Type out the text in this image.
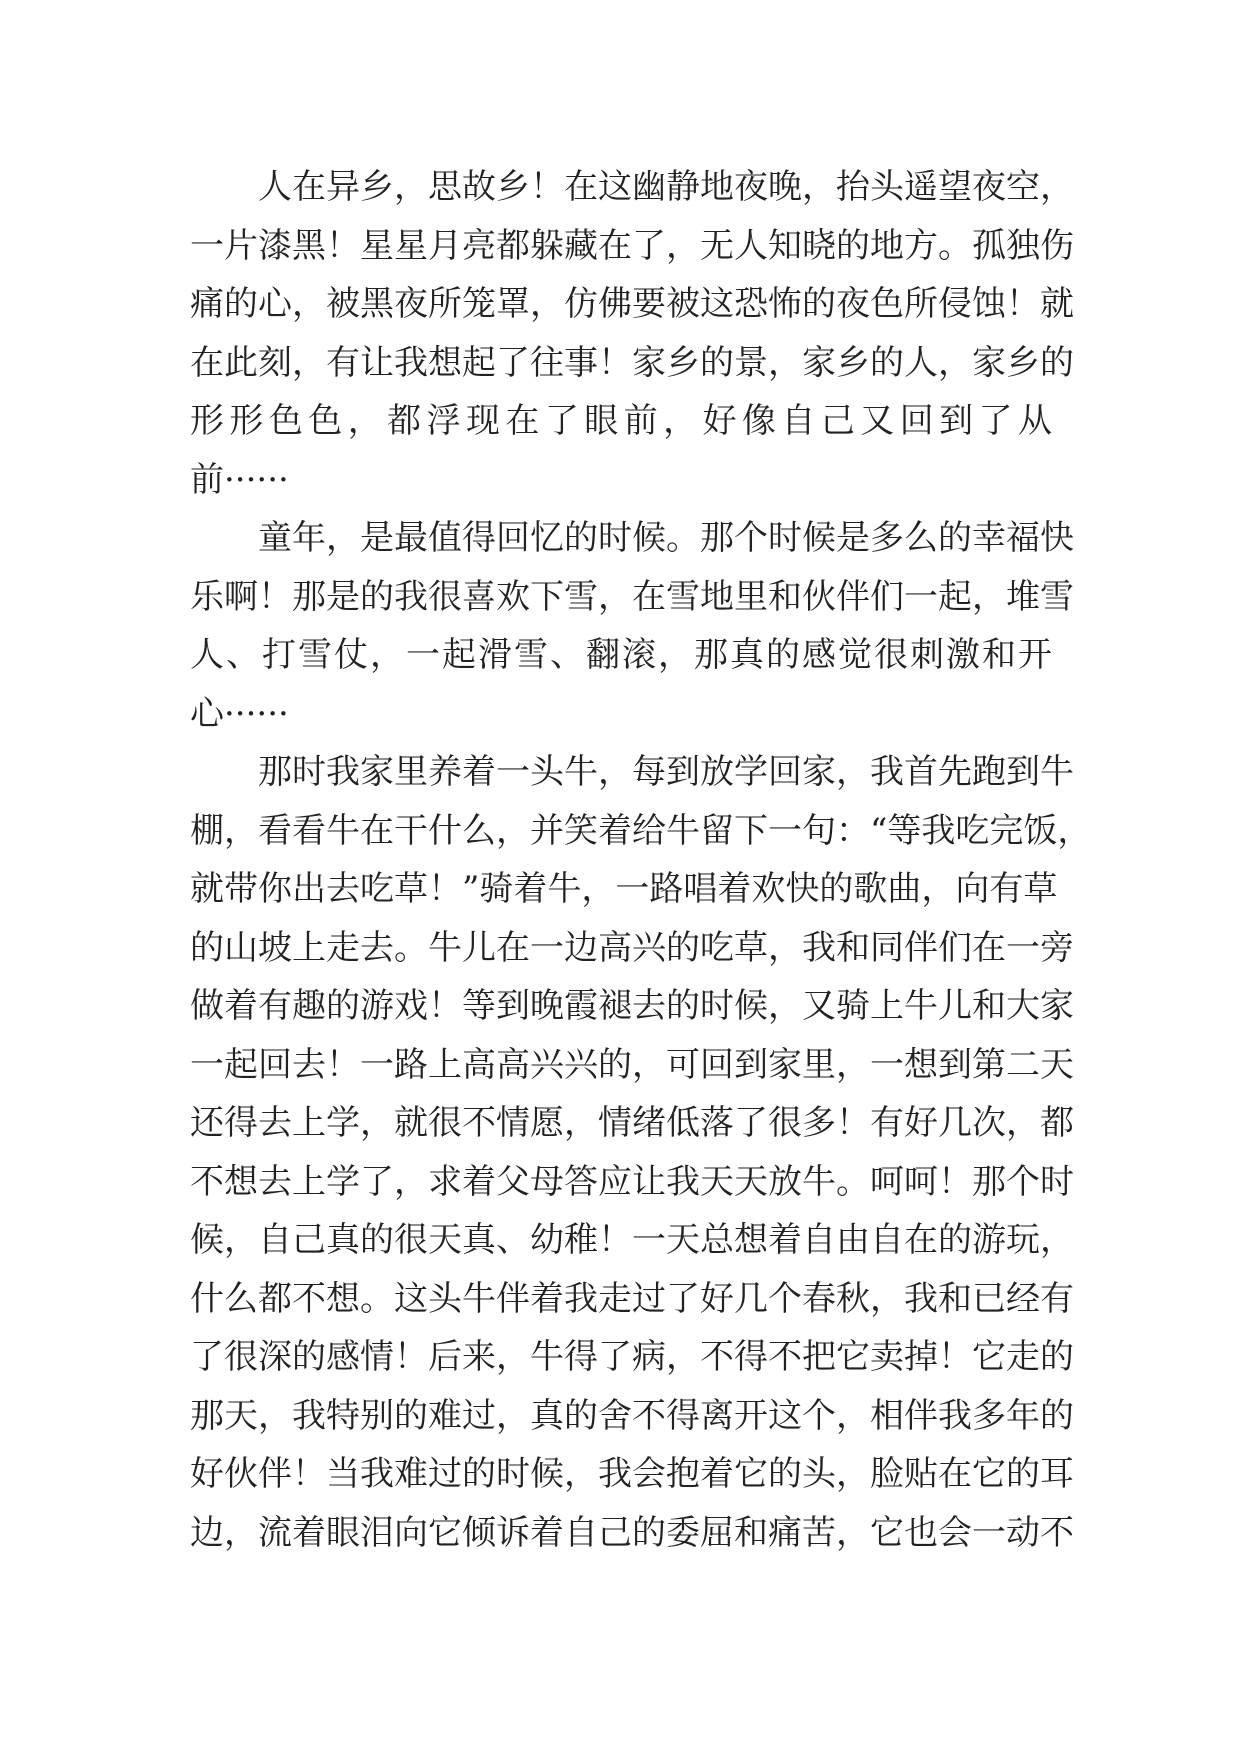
人在异乡，思故乡！在这幽静地夜晚，抬头遥望夜空，
一片漆黑！星星月亮都躲藏在了，无人知晓的地方。孤独伤
痛的心，被黑夜所笼罩，仿佛要被这恐怖的夜色所侵蚀！就
在此刻，有让我想起了往事！家乡的景，家乡的人，家乡的
形形色色，都浮现在了眼前，好像自己又回到了从
前······
童年，是最值得回忆的时候。那个时候是多么的幸福快
乐啊！那是的我很喜欢下雪，在雪地里和伙伴们一起，堆雪
人、打雪仗，一起滑雪、翻滚，那真的感觉很刺激和开
心······
那时我家里养着一头牛，每到放学回家，我首先跑到牛
棚，看看牛在干什么，并笑着给牛留下一句：“等我吃完饭，
就带你出去吃草！”骑着牛，一路唱着欢快的歌曲，向有草
的山坡上走去。牛儿在一边高兴的吃草，我和同伴们在一旁
做着有趣的游戏！等到晚霞褪去的时候，又骑上牛儿和大家
一起回去！一路上高高兴兴的，可回到家里，一想到第二天
还得去上学，就很不情愿，情绪低落了很多！有好几次，都
不想去上学了，求着父母答应让我天天放牛。呵呵！那个时
候，自己真的很天真、幼稚！一天总想着自由自在的游玩，
什么都不想。这头牛伴着我走过了好几个春秋，我和已经有
了很深的感情！后来，牛得了病，不得不把它卖掉！它走的
那天，我特别的难过，真的舍不得离开这个，相伴我多年的
好伙伴！当我难过的时候，我会抱着它的头，脸贴在它的耳
边，流着眼泪向它倾诉着自己的委屈和痛苦，它也会一动不
